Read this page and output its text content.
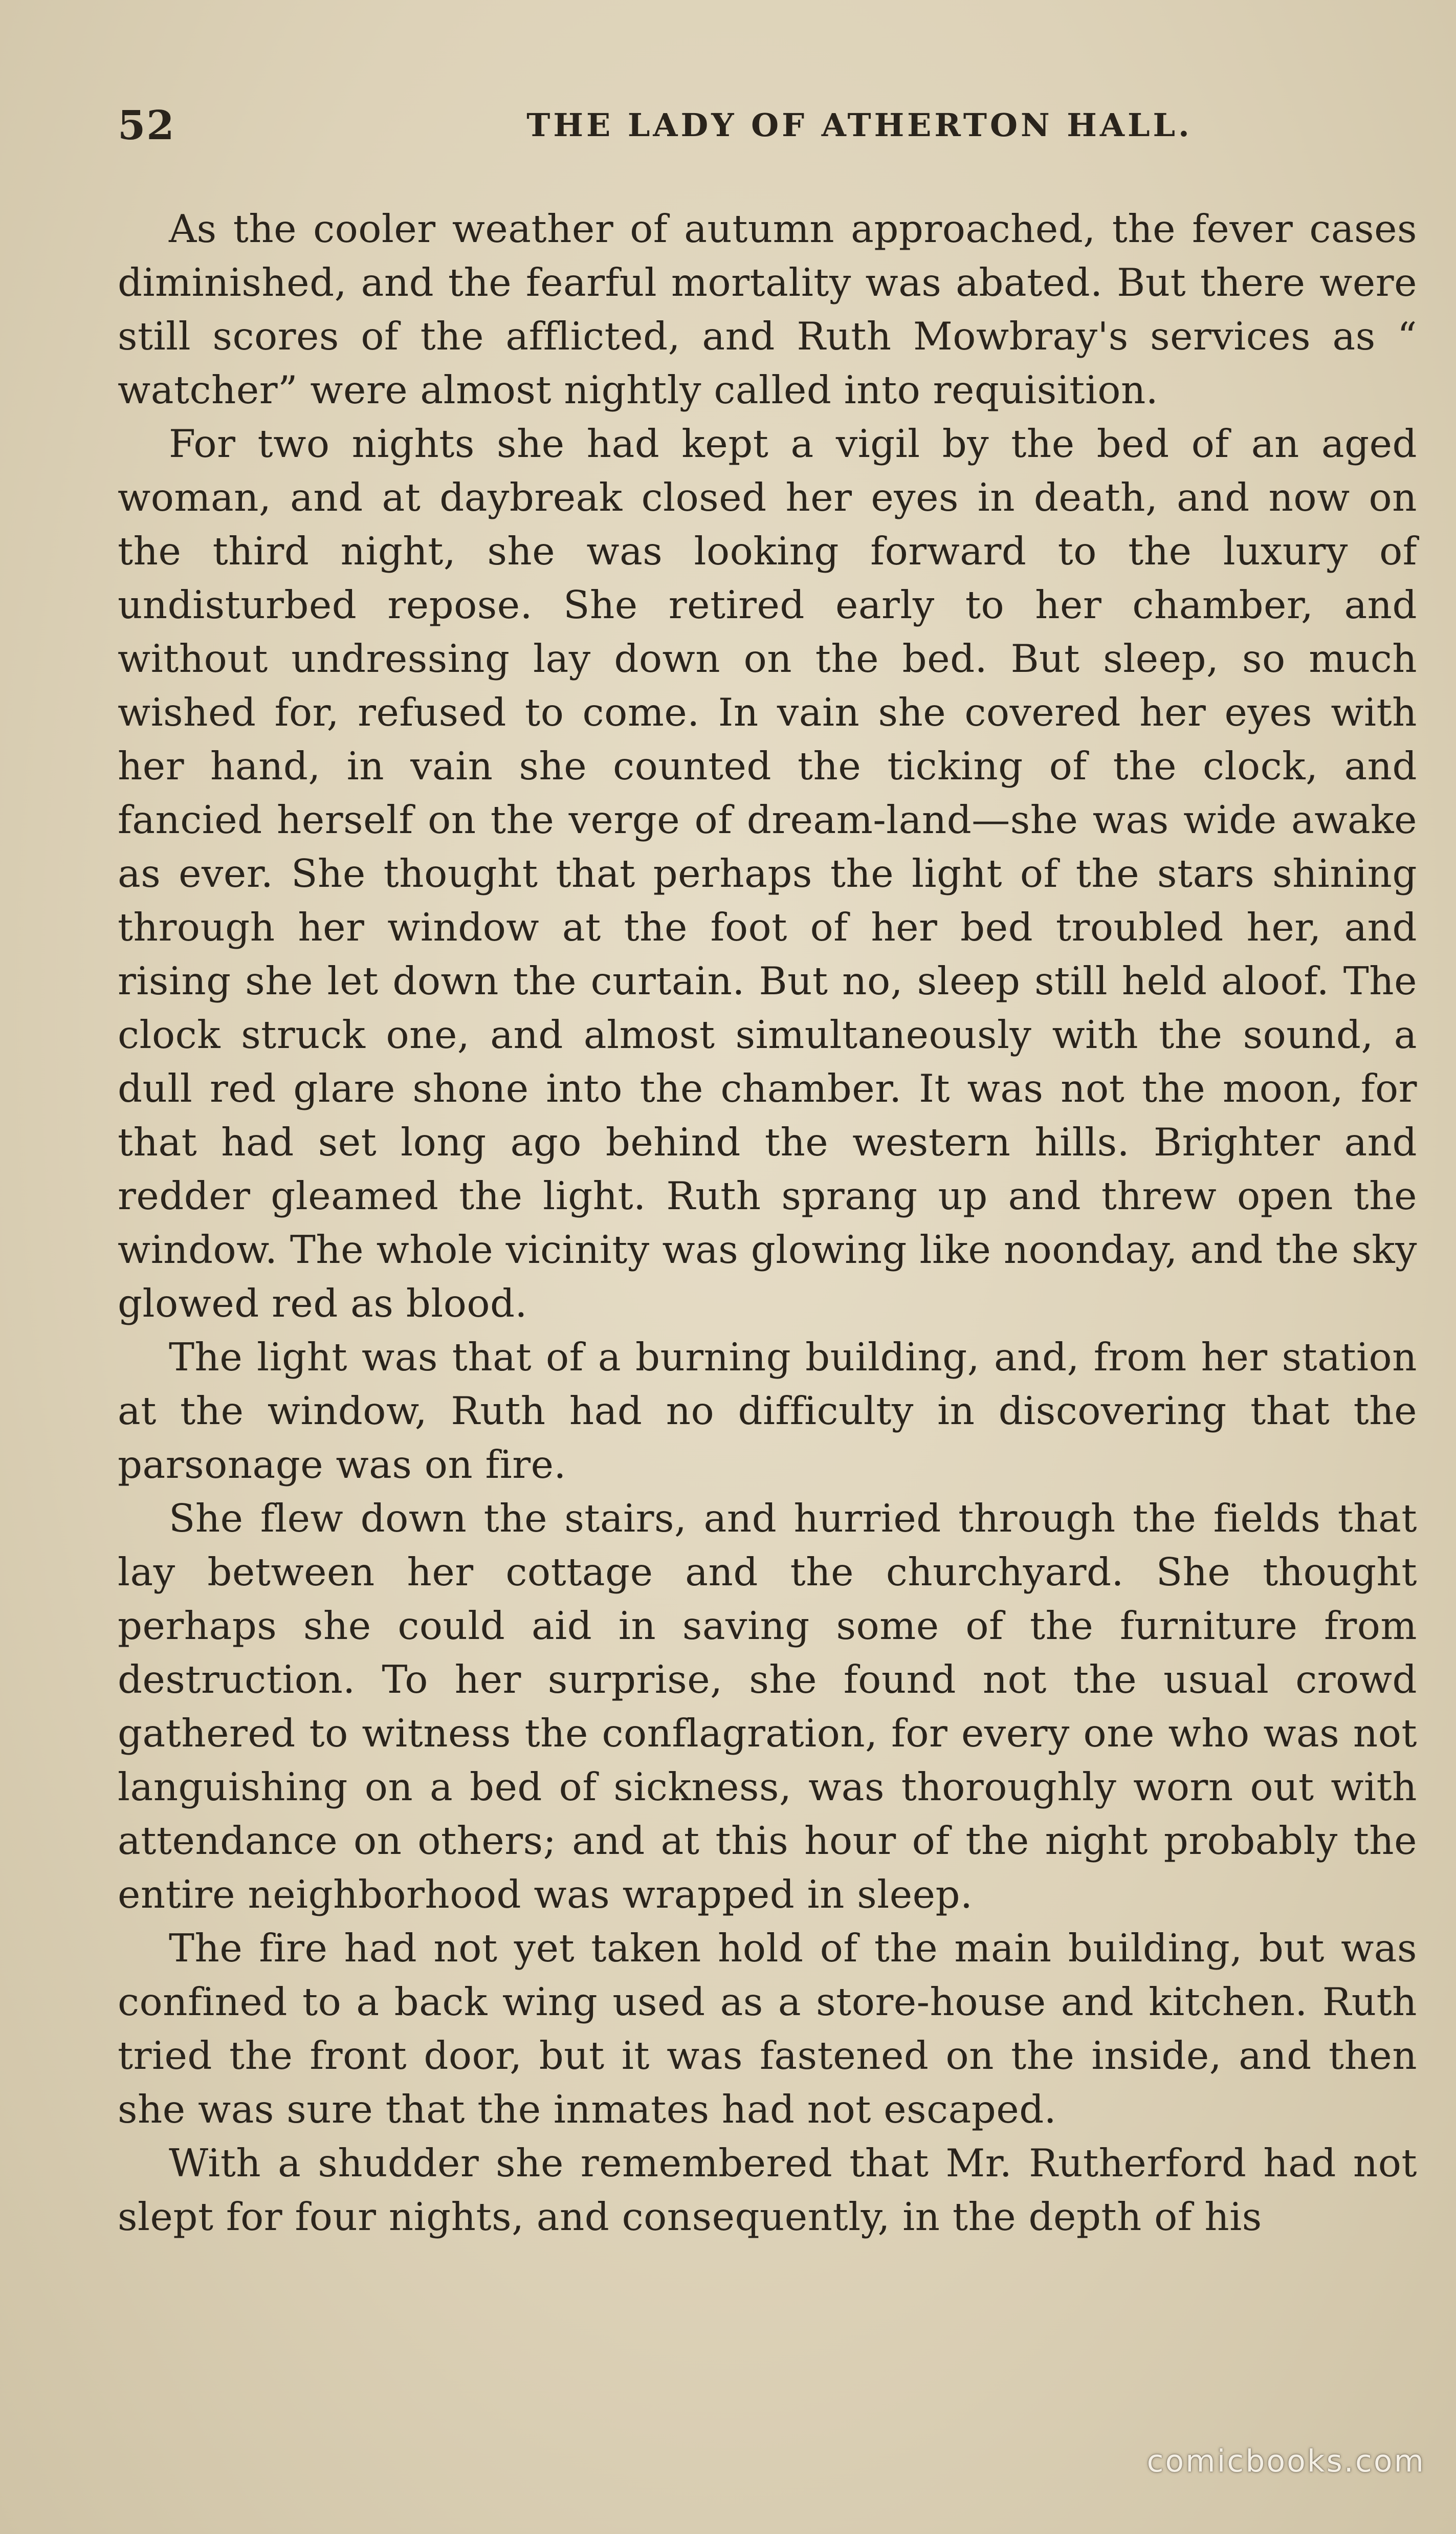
52	THE LADY OF ATHERTON HALL.

As the cooler weather of autumn approached, the fever cases diminished, and the fearful mortality was abated. But there were still scores of the afflicted, and Ruth Mowbray's services as “ watcher” were almost nightly called into requisition.

For two nights she had kept a vigil by the bed of an aged woman, and at daybreak closed her eyes in death, and now on the third night, she was looking forward to the luxury of undisturbed repose. She retired early to her chamber, and without undressing lay down on the bed. But sleep, so much wished for, refused to come. In vain she covered her eyes with her hand, in vain she counted the ticking of the clock, and fancied herself on the verge of dream-land—she was wide awake as ever. She thought that perhaps the light of the stars shining through her window at the foot of her bed troubled her, and rising she let down the curtain. But no, sleep still held aloof. The clock struck one, and almost simultaneously with the sound, a dull red glare shone into the chamber. It was not the moon, for that had set long ago behind the western hills. Brighter and redder gleamed the light. Ruth sprang up and threw open the window. The whole vicinity was glowing like noonday, and the sky glowed red as blood.

The light was that of a burning building, and, from her station at the window, Ruth had no difficulty in discovering that the parsonage was on fire.

She flew down the stairs, and hurried through the fields that lay between her cottage and the churchyard. She thought perhaps she could aid in saving some of the furniture from destruction. To her surprise, she found not the usual crowd gathered to witness the conflagration, for every one who was not languishing on a bed of sickness, was thoroughly worn out with attendance on others; and at this hour of the night probably the entire neighborhood was wrapped in sleep.

The fire had not yet taken hold of the main building, but was confined to a back wing used as a store-house and kitchen. Ruth tried the front door, but it was fastened on the inside, and then she was sure that the inmates had not escaped.

With a shudder she remembered that Mr. Rutherford had not slept for four nights, and consequently, in the depth of his

comicbooks.com
